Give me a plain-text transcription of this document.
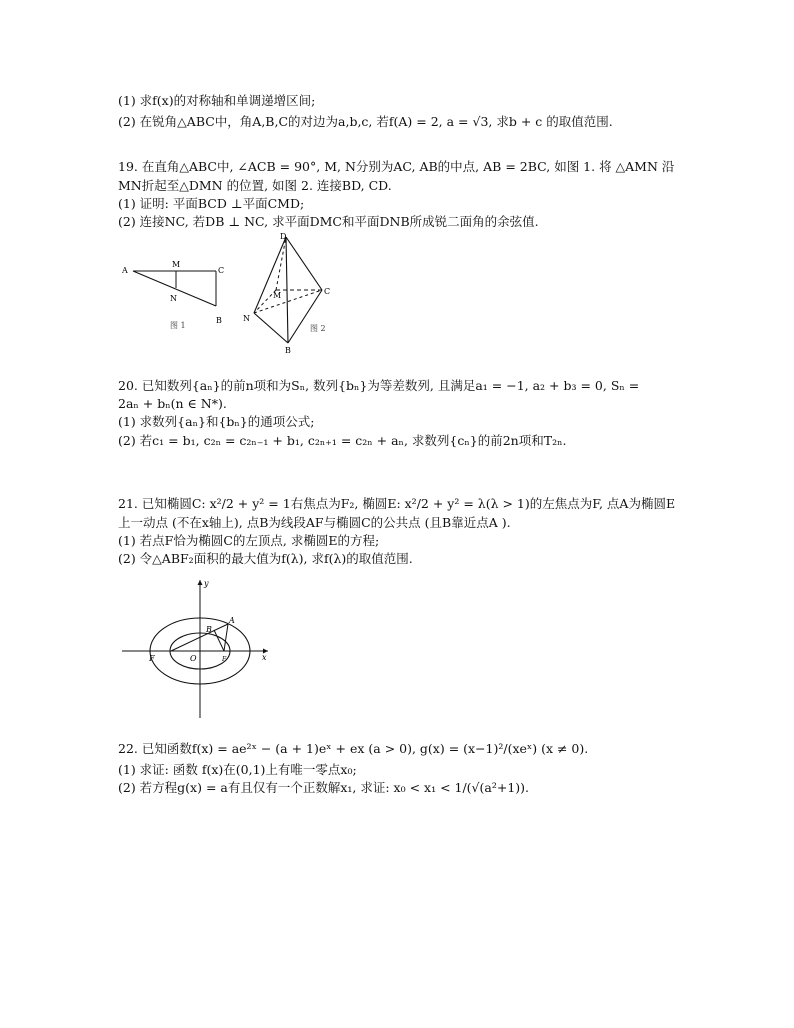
(1) 求f(x)的对称轴和单调递增区间;
(2) 在锐角△ABC中，角A,B,C的对边为a,b,c, 若f(A) = 2, a = √3, 求b + c 的取值范围.
19. 在直角△ABC中, ∠ACB = 90°, M, N分别为AC, AB的中点, AB = 2BC, 如图 1. 将 △AMN 沿
MN折起至△DMN 的位置, 如图 2. 连接BD, CD.
(1) 证明: 平面BCD ⊥平面CMD;
(2) 连接NC, 若DB ⊥ NC, 求平面DMC和平面DNB所成锐二面角的余弦值.
A
M
C
N
B
图 1
D
M	C
N
B
图 2
20. 已知数列{aₙ}的前n项和为Sₙ, 数列{bₙ}为等差数列, 且满足a₁ = −1, a₂ + b₃ = 0, Sₙ =
2aₙ + bₙ(n ∈ N*).
(1) 求数列{aₙ}和{bₙ}的通项公式;
(2) 若c₁ = b₁, c₂ₙ = c₂ₙ₋₁ + b₁, c₂ₙ₊₁ = c₂ₙ + aₙ, 求数列{cₙ}的前2n项和T₂ₙ.
21. 已知椭圆C: x²/2 + y² = 1右焦点为F₂, 椭圆E: x²/2 + y² = λ(λ > 1)的左焦点为F, 点A为椭圆E
上一动点 (不在x轴上), 点B为线段AF与椭圆C的公共点 (且B靠近点A ).
(1) 若点F恰为椭圆C的左顶点, 求椭圆E的方程;
(2) 令△ABF₂面积的最大值为f(λ), 求f(λ)的取值范围.
y
A
B
F	O	F	x
22. 已知函数f(x) = ae²ˣ − (a + 1)eˣ + ex (a > 0), g(x) = (x−1)²/(xeˣ) (x ≠ 0).
(1) 求证: 函数 f(x)在(0,1)上有唯一零点x₀;
(2) 若方程g(x) = a有且仅有一个正数解x₁, 求证: x₀ < x₁ < 1/(√(a²+1)).
